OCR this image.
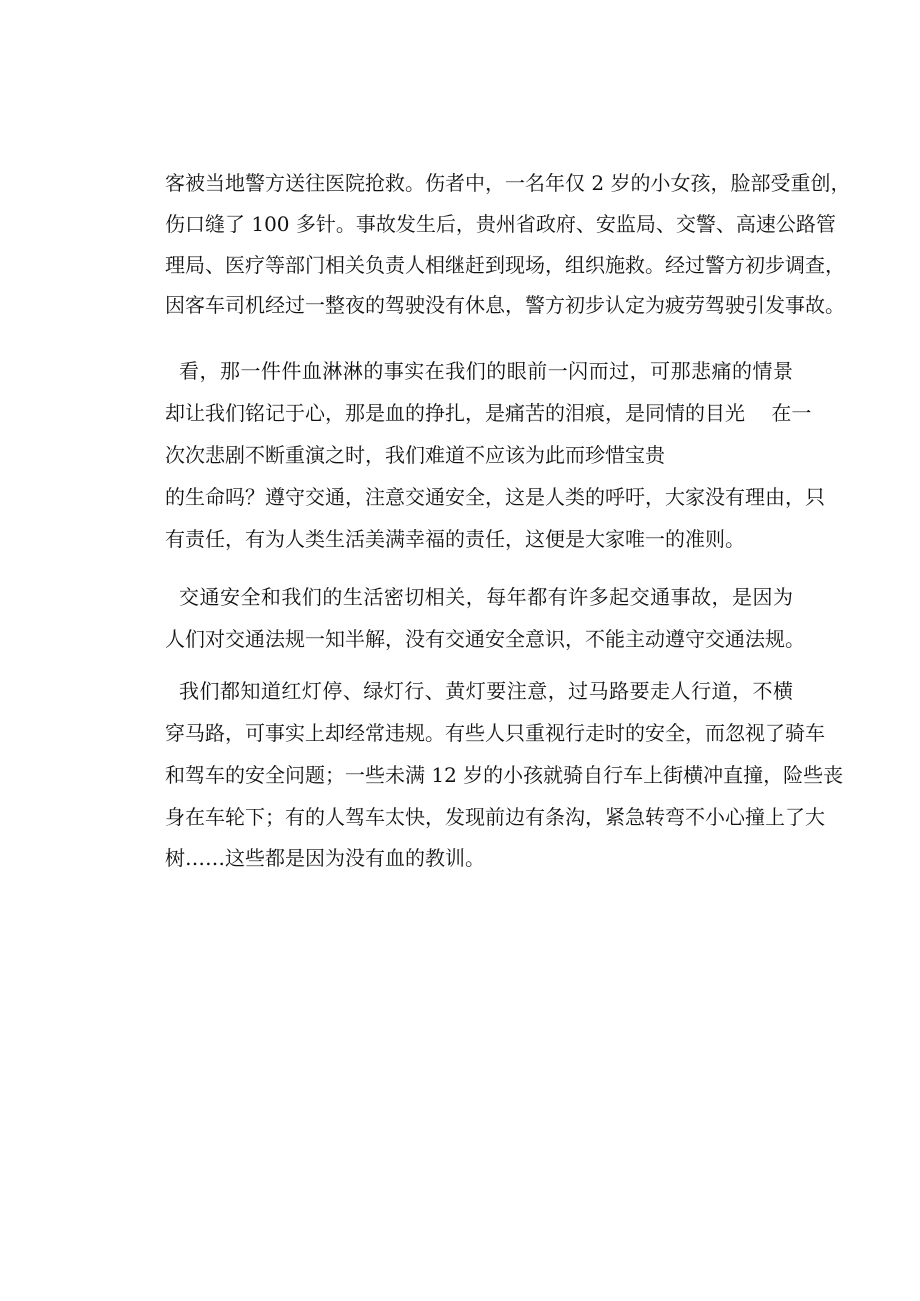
客被当地警方送往医院抢救。伤者中，一名年仅 2 岁的小女孩，脸部受重创，
伤口缝了 100 多针。事故发生后，贵州省政府、安监局、交警、高速公路管
理局、医疗等部门相关负责人相继赶到现场，组织施救。经过警方初步调查，
因客车司机经过一整夜的驾驶没有休息，警方初步认定为疲劳驾驶引发事故。
看，那一件件血淋淋的事实在我们的眼前一闪而过，可那悲痛的情景
却让我们铭记于心，那是血的挣扎，是痛苦的泪痕，是同情的目光　 在一
次次悲剧不断重演之时，我们难道不应该为此而珍惜宝贵
的生命吗？遵守交通，注意交通安全，这是人类的呼吁，大家没有理由，只
有责任，有为人类生活美满幸福的责任，这便是大家唯一的准则。
交通安全和我们的生活密切相关，每年都有许多起交通事故，是因为
人们对交通法规一知半解，没有交通安全意识，不能主动遵守交通法规。
我们都知道红灯停、绿灯行、黄灯要注意，过马路要走人行道，不横
穿马路，可事实上却经常违规。有些人只重视行走时的安全，而忽视了骑车
和驾车的安全问题；一些未满 12 岁的小孩就骑自行车上街横冲直撞，险些丧
身在车轮下；有的人驾车太快，发现前边有条沟，紧急转弯不小心撞上了大
树……这些都是因为没有血的教训。
